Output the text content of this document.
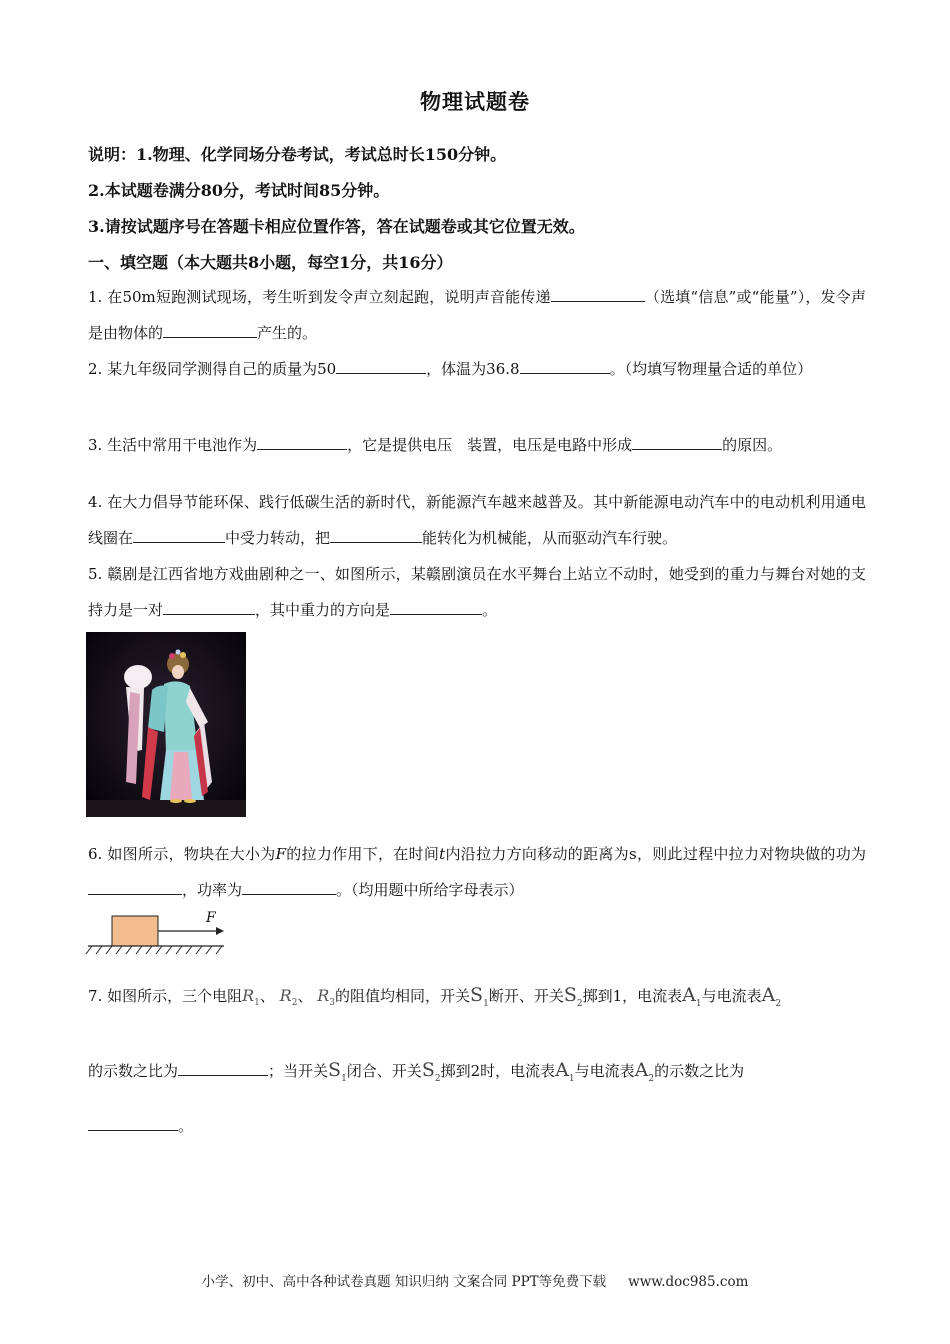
物理试题卷
说明：1.物理、化学同场分卷考试，考试总时长150分钟。
2.本试题卷满分80分，考试时间85分钟。
3.请按试题序号在答题卡相应位置作答，答在试题卷或其它位置无效。
一、填空题（本大题共8小题，每空1分，共16分）
1. 在50m短跑测试现场，考生听到发令声立刻起跑，说明声音能传递	（选填“信息”或“能量”），发令声是由物体的	产生的。
2. 某九年级同学测得自己的质量为50	，体温为36.8	。（均填写物理量合适的单位）
3. 生活中常用干电池作为	，它是提供电压　装置，电压是电路中形成	的原因。
4. 在大力倡导节能环保、践行低碳生活的新时代，新能源汽车越来越普及。其中新能源电动汽车中的电动机利用通电线圈在	中受力转动，把	能转化为机械能，从而驱动汽车行驶。
5. 赣剧是江西省地方戏曲剧种之一、如图所示，某赣剧演员在水平舞台上站立不动时，她受到的重力与舞台对她的支持力是一对	，其中重力的方向是	。
6. 如图所示，物块在大小为F的拉力作用下，在时间t内沿拉力方向移动的距离为s，则此过程中拉力对物块做的功为，功率为	。（均用题中所给字母表示）
F
7. 如图所示，三个电阻$R_1$、 $R_2$、 $R_3$的阻值均相同，开关$S_1$断开、开关$S_2$掷到1，电流表$A_1$与电流表$A_2$
的示数之比为	；当开关$S_1$闭合、开关$S_2$掷到2时，电流表$A_1$与电流表$A_2$的示数之比为
。
小学、初中、高中各种试卷真题 知识归纳 文案合同 PPT等免费下载 www.doc985.com
